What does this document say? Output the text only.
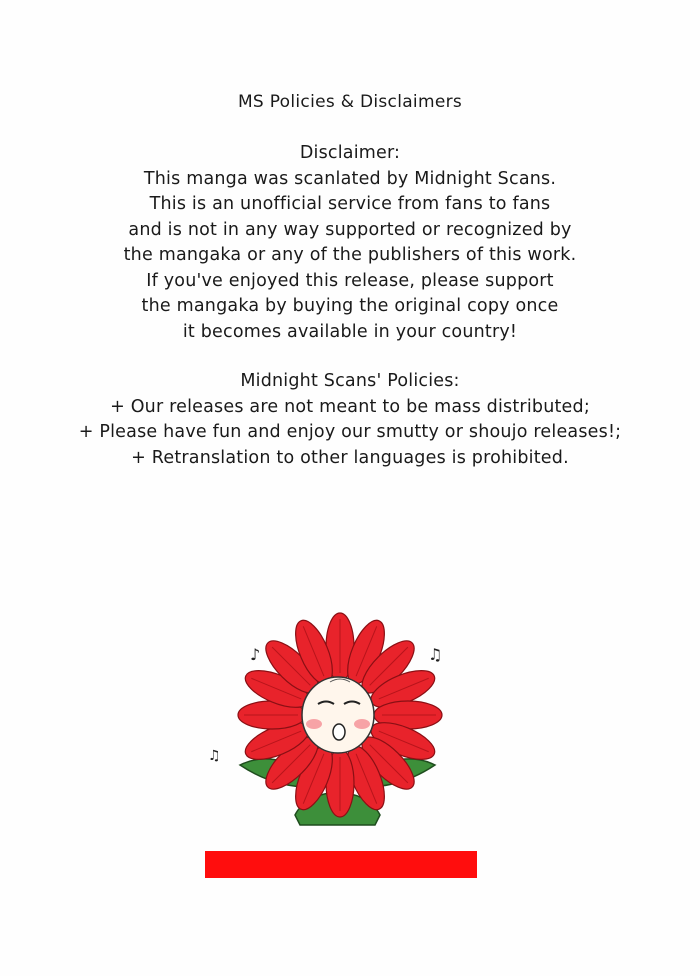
MS Policies & Disclaimers
Disclaimer:
This manga was scanlated by Midnight Scans.
This is an unofficial service from fans to fans
and is not in any way supported or recognized by
the mangaka or any of the publishers of this work.
If you've enjoyed this release, please support
the mangaka by buying the original copy once
it becomes available in your country!
Midnight Scans' Policies:
+ Our releases are not meant to be mass distributed;
+ Please have fun and enjoy our smutty or shoujo releases!;
+ Retranslation to other languages is prohibited.
♪	♫
♫
